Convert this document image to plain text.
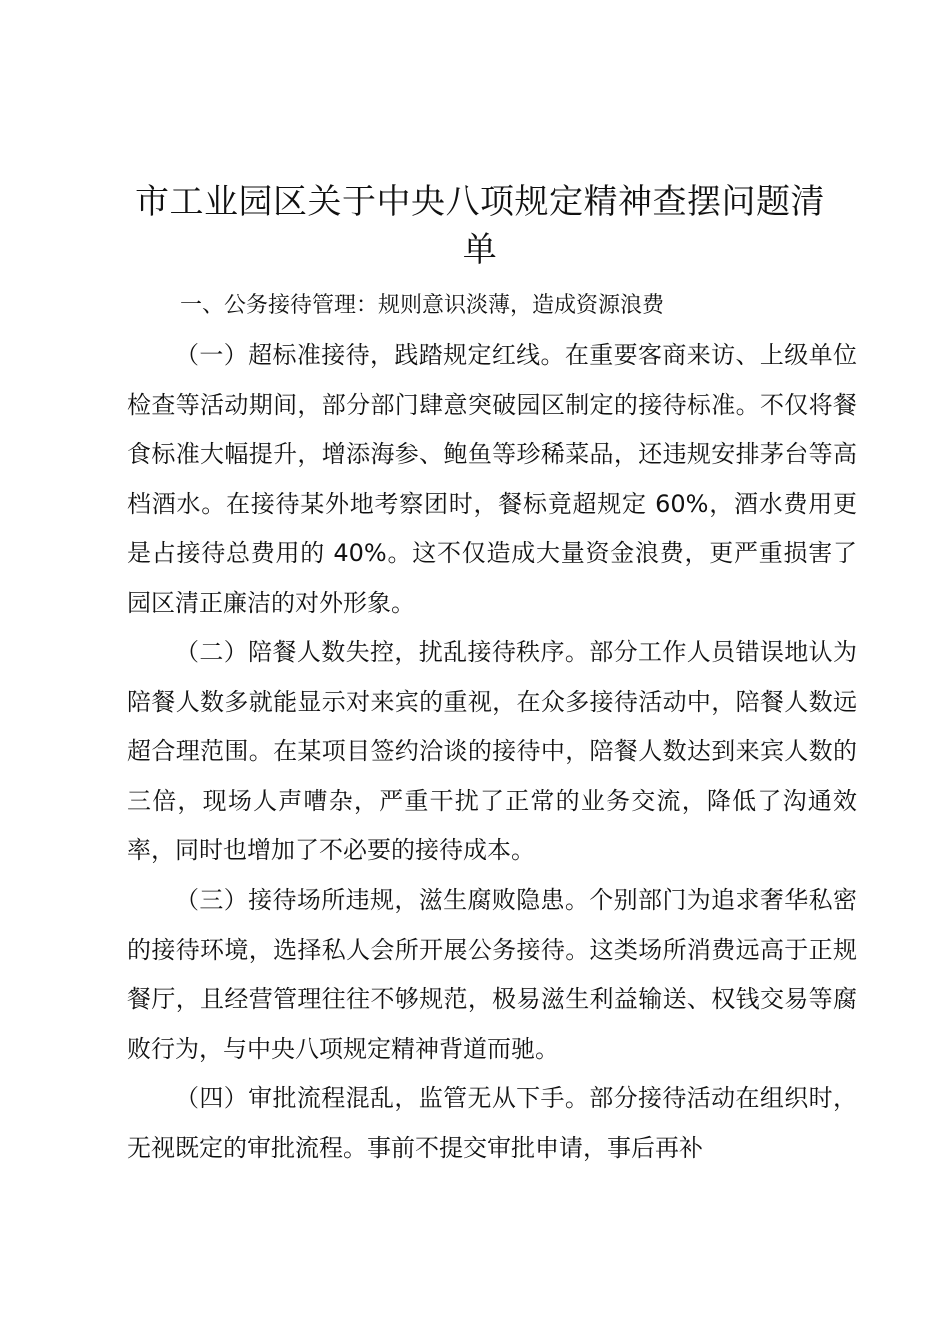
市工业园区关于中央八项规定精神查摆问题清单

一、公务接待管理：规则意识淡薄，造成资源浪费

（一）超标准接待，践踏规定红线。在重要客商来访、上级单位检查等活动期间，部分部门肆意突破园区制定的接待标准。不仅将餐食标准大幅提升，增添海参、鲍鱼等珍稀菜品，还违规安排茅台等高档酒水。在接待某外地考察团时，餐标竟超规定 60%，酒水费用更是占接待总费用的 40%。这不仅造成大量资金浪费，更严重损害了园区清正廉洁的对外形象。

（二）陪餐人数失控，扰乱接待秩序。部分工作人员错误地认为陪餐人数多就能显示对来宾的重视，在众多接待活动中，陪餐人数远超合理范围。在某项目签约洽谈的接待中，陪餐人数达到来宾人数的三倍，现场人声嘈杂，严重干扰了正常的业务交流，降低了沟通效率，同时也增加了不必要的接待成本。

（三）接待场所违规，滋生腐败隐患。个别部门为追求奢华私密的接待环境，选择私人会所开展公务接待。这类场所消费远高于正规餐厅，且经营管理往往不够规范，极易滋生利益输送、权钱交易等腐败行为，与中央八项规定精神背道而驰。

（四）审批流程混乱，监管无从下手。部分接待活动在组织时，无视既定的审批流程。事前不提交审批申请，事后再补
